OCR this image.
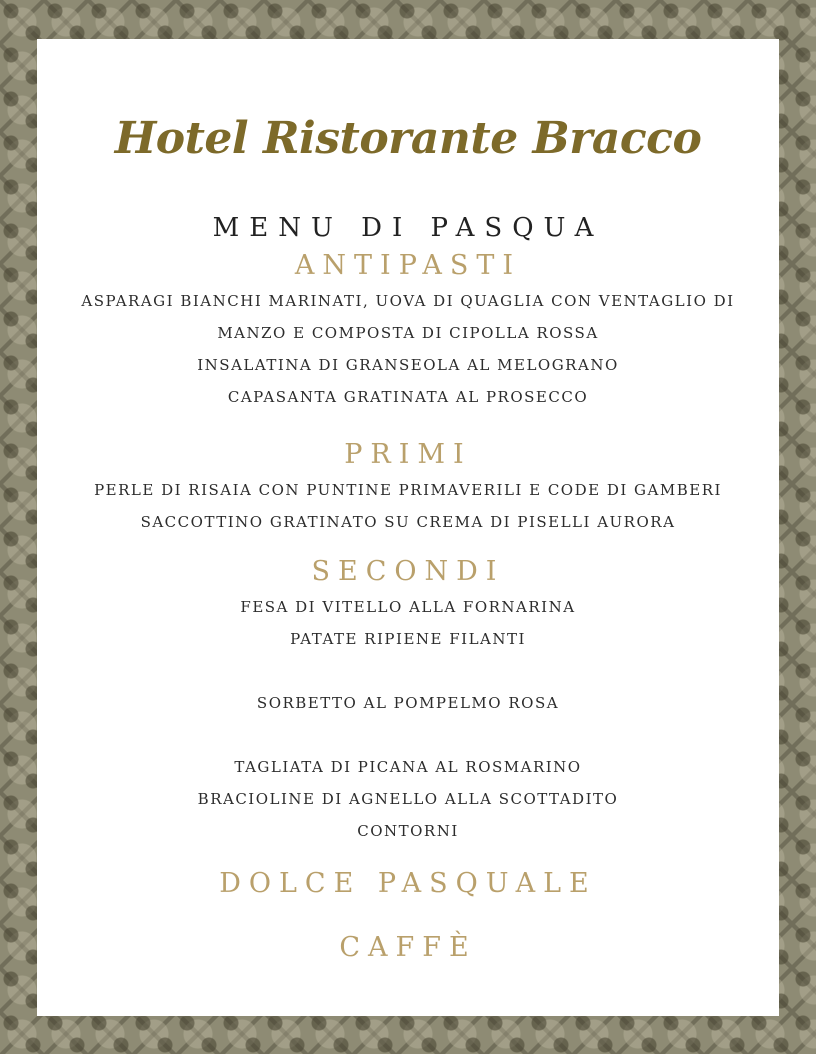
Hotel Ristorante Bracco
MENU DI PASQUA
ANTIPASTI
ASPARAGI BIANCHI MARINATI, UOVA DI QUAGLIA CON VENTAGLIO DI
MANZO E COMPOSTA DI CIPOLLA ROSSA
INSALATINA DI GRANSEOLA AL MELOGRANO
CAPASANTA GRATINATA AL PROSECCO
PRIMI
PERLE DI RISAIA CON PUNTINE PRIMAVERILI E CODE DI GAMBERI
SACCOTTINO GRATINATO SU CREMA DI PISELLI AURORA
SECONDI
FESA DI VITELLO ALLA FORNARINA
PATATE RIPIENE FILANTI
SORBETTO AL POMPELMO ROSA
TAGLIATA DI PICANA AL ROSMARINO
BRACIOLINE DI AGNELLO ALLA SCOTTADITO
CONTORNI
DOLCE PASQUALE
CAFFÈ
